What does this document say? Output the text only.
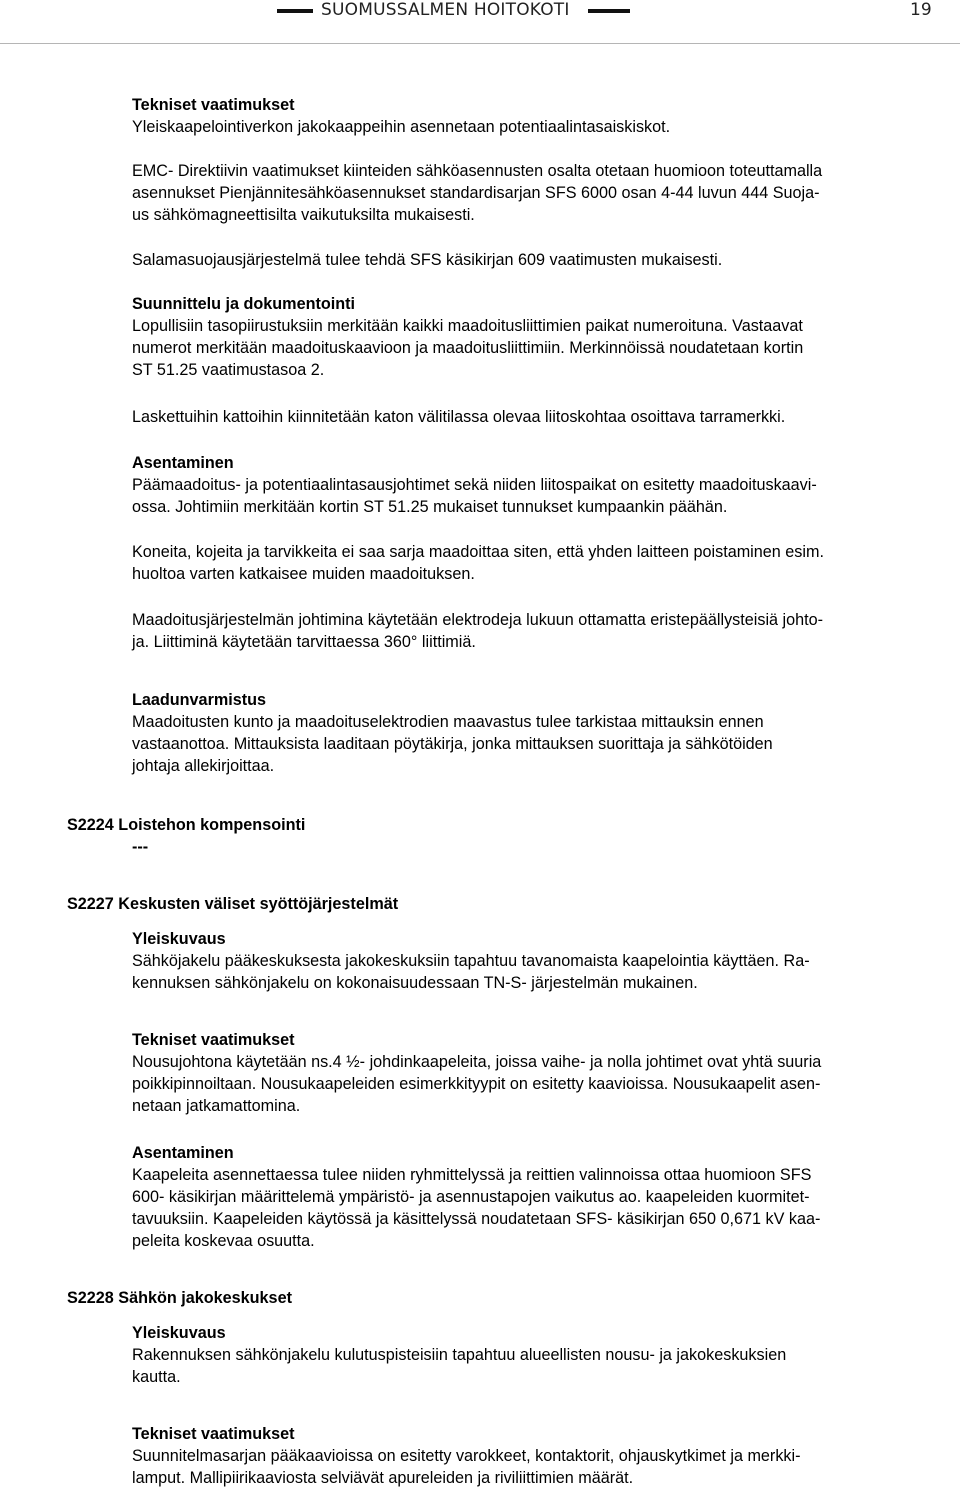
SUOMUSSALMEN HOITOKOTI	19

Tekniset vaatimukset

Yleiskaapelointiverkon jakokaappeihin asennetaan potentiaalintasaiskiskot.

EMC- Direktiivin vaatimukset kiinteiden sähköasennusten osalta otetaan huomioon toteuttamalla

asennukset Pienjännitesähköasennukset standardisarjan SFS 6000 osan 4-44 luvun 444 Suoja-

us sähkömagneettisilta vaikutuksilta mukaisesti.

Salamasuojausjärjestelmä tulee tehdä SFS käsikirjan 609 vaatimusten mukaisesti.

Suunnittelu ja dokumentointi

Lopullisiin tasopiirustuksiin merkitään kaikki maadoitusliittimien paikat numeroituna. Vastaavat

numerot merkitään maadoituskaavioon ja maadoitusliittimiin. Merkinnöissä noudatetaan kortin

ST 51.25 vaatimustasoa 2.

Laskettuihin kattoihin kiinnitetään katon välitilassa olevaa liitoskohtaa osoittava tarramerkki.

Asentaminen

Päämaadoitus- ja potentiaalintasausjohtimet sekä niiden liitospaikat on esitetty maadoituskaavi-

ossa. Johtimiin merkitään kortin ST 51.25 mukaiset tunnukset kumpaankin päähän.

Koneita, kojeita ja tarvikkeita ei saa sarja maadoittaa siten, että yhden laitteen poistaminen esim.

huoltoa varten katkaisee muiden maadoituksen.

Maadoitusjärjestelmän johtimina käytetään elektrodeja lukuun ottamatta eristepäällysteisiä johto-

ja. Liittiminä käytetään tarvittaessa 360° liittimiä.

Laadunvarmistus

Maadoitusten kunto ja maadoituselektrodien maavastus tulee tarkistaa mittauksin ennen

vastaanottoa. Mittauksista laaditaan pöytäkirja, jonka mittauksen suorittaja ja sähkötöiden

johtaja allekirjoittaa.

S2224 Loistehon kompensointi

---

S2227 Keskusten väliset syöttöjärjestelmät

Yleiskuvaus

Sähköjakelu pääkeskuksesta jakokeskuksiin tapahtuu tavanomaista kaapelointia käyttäen. Ra-

kennuksen sähkönjakelu on kokonaisuudessaan TN-S- järjestelmän mukainen.

Tekniset vaatimukset

Nousujohtona käytetään ns.4 ½- johdinkaapeleita, joissa vaihe- ja nolla johtimet ovat yhtä suuria

poikkipinnoiltaan. Nousukaapeleiden esimerkkityypit on esitetty kaavioissa. Nousukaapelit asen-

netaan jatkamattomina.

Asentaminen

Kaapeleita asennettaessa tulee niiden ryhmittelyssä ja reittien valinnoissa ottaa huomioon SFS

600- käsikirjan määrittelemä ympäristö- ja asennustapojen vaikutus ao. kaapeleiden kuormitet-

tavuuksiin. Kaapeleiden käytössä ja käsittelyssä noudatetaan SFS- käsikirjan 650 0,671 kV kaa-

peleita koskevaa osuutta.

S2228 Sähkön jakokeskukset

Yleiskuvaus

Rakennuksen sähkönjakelu kulutuspisteisiin tapahtuu alueellisten nousu- ja jakokeskuksien

kautta.

Tekniset vaatimukset

Suunnitelmasarjan pääkaavioissa on esitetty varokkeet, kontaktorit, ohjauskytkimet ja merkki-

lamput. Mallipiirikaaviosta selviävät apureleiden ja riviliittimien määrät.
